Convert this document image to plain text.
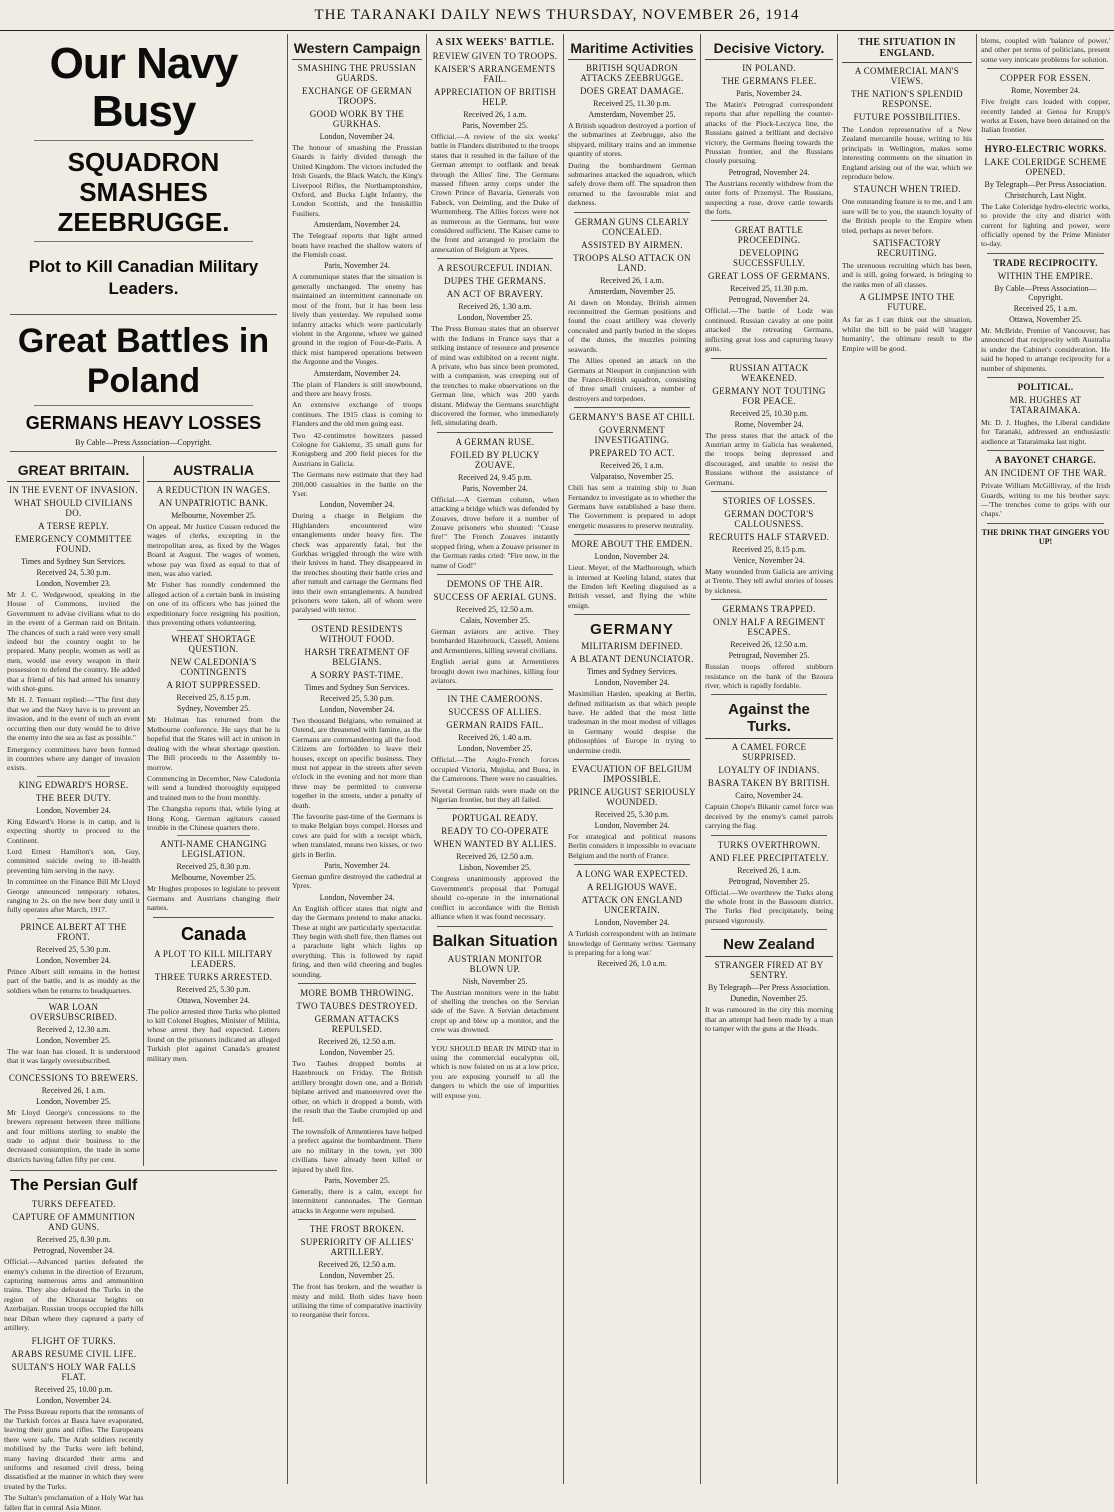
THE TARANAKI DAILY NEWS THURSDAY, NOVEMBER 26, 1914
Our Navy Busy
SQUADRON SMASHES ZEEBRUGGE.
Plot to Kill Canadian Military Leaders.
Great Battles in Poland
GERMANS HEAVY LOSSES
By Cable—Press Association—Copyright.
GREAT BRITAIN.
IN THE EVENT OF INVASION.
WHAT SHOULD CIVILIANS DO.
A TERSE REPLY.
EMERGENCY COMMITTEE FOUND.
Times and Sydney Sun Services.
Received 24, 5.30 p.m.
London, November 23.

Mr J. C. Wedgewood, speaking in the House of Commons, invited the Government to advise civilians what to do in the event of a German raid on Britain. The chances of such a raid were very small indeed but the country ought to be prepared. Many people, women as well as men, would use every weapon in their possession to defend the country. He added that a friend of his had armed his tenantry with shot-guns.

Mr H. J. Tennant replied:—"The first duty that we and the Navy have is to prevent an invasion, and in the event of such an event occurring then our duty would be to drive the enemy into the sea as fast as possible."

Emergency committees have been formed in countries where any danger of invasion exists.

KING EDWARD'S HORSE.
THE BEER DUTY.
London, November 24.

King Edward's Horse is in camp, and is expecting shortly to proceed to the Continent.

Lord Ernest Hamilton's son, Guy, committed suicide owing to ill-health preventing him serving in the navy.

In committee on the Finance Bill Mr Lloyd George announced temporary rebates, ranging to 2s. on the new beer duty until it fully operates after March, 1917.

PRINCE ALBERT AT THE FRONT.
Received 25, 5.30 p.m.
London, November 24.

Prince Albert still remains in the hottest part of the battle, and is as muddy as the soldiers when he returns to headquarters.

WAR LOAN OVERSUBSCRIBED.
Received 2, 12.30 a.m.
London, November 25.

The war loan has closed. It is understood that it was largely oversubscribed.

CONCESSIONS TO BREWERS.
Received 26, 1 a.m.
London, November 25.

Mr Lloyd George's concessions to the brewers represent between three millions and four millions sterling to enable the trade to adjust their business to the decreased consumption, the trade in some districts having fallen fifty per cent.

AUSTRALIA
A REDUCTION IN WAGES.
AN UNPATRIOTIC BANK.
Melbourne, November 25.

On appeal, Mr Justice Cussen reduced the wages of clerks, excepting in the metropolitan area, as fixed by the Wages Board at August. The wages of women, whose pay was fixed as equal to that of men, was also varied.

Mr Fisher has roundly condemned the alleged action of a certain bank in insisting on one of its officers who has joined the expeditionary force resigning his position, thus preventing others volunteering.

WHEAT SHORTAGE QUESTION.
NEW CALEDONIA'S CONTINGENTS
A RIOT SUPPRESSED.
Received 25, 8.15 p.m.
Sydney, November 25.

Mr Holman has returned from the Melbourne conference. He says that he is hopeful that the States will act in unison in dealing with the wheat shortage question. The Bill proceeds to the Assembly to-morrow.

Commencing in December, New Caledonia will send a hundred thoroughly equipped and trained men to the front monthly.

The Changsha reports that, while lying at Hong Kong, German agitators caused trouble in the Chinese quarters there.

ANTI-NAME CHANGING LEGISLATION.
Received 25, 8.30 p.m.
Melbourne, November 25.

Mr Hughes proposes to legislate to prevent Germans and Austrians changing their names.

Canada
A PLOT TO KILL MILITARY LEADERS.
THREE TURKS ARRESTED.
Received 25, 5.30 p.m.
Ottawa, November 24.

The police arrested three Turks who plotted to kill Colonel Hughes, Minister of Militia, whose arrest they had expected. Letters found on the prisoners indicated an alleged Turkish plot against Canada's greatest military men.

The Persian Gulf
TURKS DEFEATED.
CAPTURE OF AMMUNITION AND GUNS.
Received 25, 8.30 p.m.
Petrograd, November 24.

Official.—Advanced parties defeated the enemy's column in the direction of Erzurum, capturing numerous arms and ammunition trains. They also defeated the Turks in the region of the Khorassar heights on Azerbaijan. Russian troops occupied the hills near Diban where they captured a party of artillery.

FLIGHT OF TURKS.
ARABS RESUME CIVIL LIFE.
SULTAN'S HOLY WAR FALLS FLAT.
Received 25, 10.00 p.m.
London, November 24.

The Press Bureau reports that the remnants of the Turkish forces at Basra have evaporated, leaving their guns and rifles. The Europeans there were safe. The Arab soldiers recently mobilised by the Turks were left behind, many having discarded their arms and uniforms and resumed civil dress, being dissatisfied at the manner in which they were treated by the Turks.

The Sultan's proclamation of a Holy War has fallen flat in central Asia Minor.

Western Campaign
SMASHING THE PRUSSIAN GUARDS.
EXCHANGE OF GERMAN TROOPS.
GOOD WORK BY THE GURKHAS.
London, November 24.

The honour of smashing the Prussian Guards is fairly divided through the United Kingdom. The victors included the Irish Guards, the Black Watch, the King's Liverpool Rifles, the Northamptonshire, Oxford, and Bucks Light Infantry, the London Scottish, and the Inniskillin Fusiliers.

Amsterdam, November 24.

The Telegraaf reports that light armed boats have reached the shallow waters of the Flemish coast.

Paris, November 24.

A communique states that the situation is generally unchanged. The enemy has maintained an intermittent cannonade on most of the front, but it has been less lively than yesterday. We repulsed some infantry attacks which were particularly violent in the Argonne, where we gained ground in the region of Four-de-Paris. A thick mist hampered operations between the Argonne and the Vosges.

Amsterdam, November 24.

The plain of Flanders is still snowbound, and there are heavy frosts.

An extensive exchange of troops continues. The 1915 class is coming to Flanders and the old men going east.

Two 42-centimetre howitzers passed Cologne for Gakiemz, 35 small guns for Konigsberg and 200 field pieces for the Austrians in Galicia.

The Germans now estimate that they had 200,000 casualties in the battle on the Yser.

London, November 24.

During a charge in Belgium the Highlanders encountered wire entanglements under heavy fire. The check was apparently fatal, but the Gurkhas wriggled through the wire with their knives in hand. They disappeared in the trenches shouting their battle cries and after tumult and carnage the Germans fled into their own entanglements. A hundred prisoners were taken, all of whom were paralysed with terror.

OSTEND RESIDENTS WITHOUT FOOD.
HARSH TREATMENT OF BELGIANS.
A SORRY PAST-TIME.
Times and Sydney Sun Services.
Received 25, 5.30 p.m.
London, November 24.

Two thousand Belgians, who remained at Ostend, are threatened with famine, as the Germans are commandeering all the food. Citizens are forbidden to leave their houses, except on specific business. They must not appear in the streets after seven o'clock in the evening and not more than three may be permitted to converse together in the streets, under a penalty of death.

The favourite past-time of the Germans is to make Belgian boys compel. Horses and cows are paid for with a receipt which, when translated, means two kisses, or two girls in Berlin.

Paris, November 24.

German gunfire destroyed the cathedral at Ypres.

London, November 24.

An English officer states that night and day the Germans pretend to make attacks. These at night are particularly spectacular. They begin with shell fire, then flames out a parachute light which lights up everything. This is followed by rapid firing, and then wild cheering and bugles sounding.

MORE BOMB THROWING.
TWO TAUBES DESTROYED.
GERMAN ATTACKS REPULSED.
Received 26, 12.50 a.m.
London, November 25.

Two Taubes dropped bombs at Hazebrouck on Friday. The British artillery brought down one, and a British biplane arrived and manoeuvred over the other, on which it dropped a bomb, with the result that the Taube crumpled up and fell.

The townsfolk of Armentieres have helped a prefect against the bombardment. There are no military in the town, yet 300 civilians have already been killed or injured by shell fire.

Paris, November 25.

Generally, there is a calm, except for intermittent cannonades. The German attacks in Argonne were repulsed.

THE FROST BROKEN.
SUPERIORITY OF ALLIES' ARTILLERY.
Received 26, 12.50 a.m.
London, November 25.

The frost has broken, and the weather is misty and mild. Both sides have been utilising the time of comparative inactivity to reorganise their forces.

A SIX WEEKS' BATTLE.
REVIEW GIVEN TO TROOPS.
KAISER'S ARRANGEMENTS FAIL.
APPRECIATION OF BRITISH HELP.
Received 26, 1 a.m.
Paris, November 25.

Official.—A review of the six weeks' battle in Flanders distributed to the troops states that it resulted in the failure of the German attempt to outflank and break through the Allies' line. The Germans massed fifteen army corps under the Crown Prince of Bavaria, Generals von Fabeck, von Deimling, and the Duke of Wurttemberg. The Allies forces were not as numerous as the Germans, but were considered sufficient. The Kaiser came to the front and arranged to proclaim the annexation of Belgium at Ypres.

A RESOURCEFUL INDIAN.
DUPES THE GERMANS.
AN ACT OF BRAVERY.
Received 26, 1.30 a.m.
London, November 25.

The Press Bureau states that an observer with the Indians in France says that a striking instance of resource and presence of mind was exhibited on a recent night. A private, who has since been promoted, with a companion, was creeping out of the trenches to make observations on the German line, which was 200 yards distant. Midway the Germans searchlight discovered the former, who immediately fell, simulating death.

A GERMAN RUSE.
FOILED BY PLUCKY ZOUAVE.
Received 24, 9.45 p.m.
Paris, November 24.

Official.—A German column, when attacking a bridge which was defended by Zouaves, drove before it a number of Zouave prisoners who shouted: "Cease fire!" The French Zouaves instantly stopped firing, when a Zouave prisoner in the German ranks cried: "Fire now, in the name of God!"

DEMONS OF THE AIR.
SUCCESS OF AERIAL GUNS.
Received 25, 12.50 a.m.
Calais, November 25.

German aviators are active. They bombarded Hazebrouck, Cassell, Amiens and Armentieres, killing several civilians.

English aerial guns at Armentieres brought down two machines, killing four aviators.

IN THE CAMEROONS.
SUCCESS OF ALLIES.
GERMAN RAIDS FAIL.
Received 26, 1.40 a.m.
London, November 25.

Official.—The Anglo-French forces occupied Victoria, Mujuka, and Buea, in the Cameroons. There were no casualties.

Several German raids were made on the Nigerian frontier, but they all failed.

PORTUGAL READY.
READY TO CO-OPERATE
WHEN WANTED BY ALLIES.
Received 26, 12.50 a.m.
Lisbon, November 25.

Congress unanimously approved the Government's proposal that Portugal should co-operate in the international conflict in accordance with the British alliance when it was found necessary.

Balkan Situation
AUSTRIAN MONITOR BLOWN UP.
Nish, November 25.

The Austrian monitors were in the habit of shelling the trenches on the Servian side of the Save. A Servian detachment crept up and blew up a monitor, and the crew was drowned.

YOU SHOULD BEAR IN MIND that in using the commercial eucalyptus oil, which is now foisted on us at a low price, you are exposing yourself to all the dangers to which the use of impurities will expose you.

Maritime Activities
BRITISH SQUADRON ATTACKS ZEEBRUGGE.
DOES GREAT DAMAGE.
Received 25, 11.30 p.m.
Amsterdam, November 25.

A British squadron destroyed a portion of the submarines at Zeebrugge, also the shipyard, military trains and an immense quantity of stores.

During the bombardment German submarines attacked the squadron, which safely drove them off. The squadron then returned to the favourable mist and darkness.

GERMAN GUNS CLEARLY CONCEALED.
ASSISTED BY AIRMEN.
TROOPS ALSO ATTACK ON LAND.
Received 26, 1 a.m.
Amsterdam, November 25.

At dawn on Monday, British airmen reconnoitred the German positions and found the coast artillery was cleverly concealed and partly buried in the slopes of the dunes, the muzzles pointing seawards.

The Allies opened an attack on the Germans at Nieuport in conjunction with the Franco-British squadron, consisting of three small cruisers, a number of destroyers and torpedoes.

GERMANY'S BASE AT CHILI.
GOVERNMENT INVESTIGATING.
PREPARED TO ACT.
Received 26, 1 a.m.
Valparaiso, November 25.

Chili has sent a training ship to Juan Fernandez to investigate as to whether the Germans have established a base there. The Government is prepared to adopt energetic measures to preserve neutrality.

MORE ABOUT THE EMDEN.
London, November 24.

Lieut. Meyer, of the Marlborough, which is interned at Keeling Island, states that the Emden left Keeling disguised as a British vessel, and flying the white ensign.

GERMANY
MILITARISM DEFINED.
A BLATANT DENUNCIATOR.
Times and Sydney Services.
London, November 24.

Maximilian Harden, speaking at Berlin, defined militarism as that which people have. He added that the most little tradesman in the most modest of villages in Germany would despise the philosophies of Europe in trying to undermine credit.

EVACUATION OF BELGIUM IMPOSSIBLE.
PRINCE AUGUST SERIOUSLY WOUNDED.
Received 25, 5.30 p.m.
London, November 24.

For strategical and political reasons Berlin considers it impossible to evacuate Belgium and the north of France.

A LONG WAR EXPECTED.
A RELIGIOUS WAVE.
ATTACK ON ENGLAND UNCERTAIN.
London, November 24.

A Turkish correspondent with an intimate knowledge of Germany writes: 'Germany is preparing for a long war.'

Received 26, 1.0 a.m.
Decisive Victory.
IN POLAND.
THE GERMANS FLEE.
Paris, November 24.

The Matin's Petrograd correspondent reports that after repelling the counter-attacks of the Plock-Leczyca line, the Russians gained a brilliant and decisive victory, the Germans fleeing towards the Prussian frontier, and the Russians closely pursuing.

Petrograd, November 24.

The Austrians recently withdrew from the outer forts of Przemysl. The Russians, suspecting a ruse, drove cattle towards the forts.

GREAT BATTLE PROCEEDING.
DEVELOPING SUCCESSFULLY.
GREAT LOSS OF GERMANS.
Received 25, 11.30 p.m.
Petrograd, November 24.

Official.—The battle of Lodz was continued. Russian cavalry at one point attacked the retreating Germans, inflicting great loss and capturing heavy guns.

RUSSIAN ATTACK WEAKENED.
GERMANY NOT TOUTING FOR PEACE.
Received 25, 10.30 p.m.
Rome, November 24.

The press states that the attack of the Austrian army in Galicia has weakened, the troops being depressed and discouraged, and unable to resist the Russians without the assistance of Germans.

STORIES OF LOSSES.
GERMAN DOCTOR'S CALLOUSNESS.
RECRUITS HALF STARVED.
Received 25, 8.15 p.m.
Venice, November 24.

Many wounded from Galicia are arriving at Trente. They tell awful stories of losses by sickness.

GERMANS TRAPPED.
ONLY HALF A REGIMENT ESCAPES.
Received 26, 12.50 a.m.
Petrograd, November 25.

Russian troops offered stubborn resistance on the bank of the Bzoura river, which is rapidly fordable.

Against the Turks.
A CAMEL FORCE SURPRISED.
LOYALTY OF INDIANS.
BASRA TAKEN BY BRITISH.
Cairo, November 24.

Captain Chope's Bikanir camel force was deceived by the enemy's camel patrols carrying the flag.

TURKS OVERTHROWN.
AND FLEE PRECIPITATELY.
Received 26, 1 a.m.
Petrograd, November 25.

Official.—We overthrew the Turks along the whole front in the Bassoum district. The Turks fled precipitately, being pursued vigorously.

New Zealand
STRANGER FIRED AT BY SENTRY.
By Telegraph—Per Press Association.
Dunedin, November 25.

It was rumoured in the city this morning that an attempt had been made by a man to tamper with the guns at the Heads.

THE SITUATION IN ENGLAND.
A COMMERCIAL MAN'S VIEWS.
THE NATION'S SPLENDID RESPONSE.
FUTURE POSSIBILITIES.

The London representative of a New Zealand mercantile house, writing to his principals in Wellington, makes some interesting comments on the situation in England arising out of the war, which we reproduce below.

STAUNCH WHEN TRIED.

One outstanding feature is to me, and I am sure will be to you, the staunch loyalty of the British people to the Empire when tried, perhaps as never before.

SATISFACTORY RECRUITING.

The strenuous recruiting which has been, and is still, going forward, is bringing to the ranks men of all classes.

A GLIMPSE INTO THE FUTURE.

As far as I can think out the situation, whilst the bill to be paid will 'stagger humanity', the ultimate result to the Empire will be good.

blems, coupled with 'balance of power,' and other pet terms of politicians, present some very intricate problems for solution.

COPPER FOR ESSEN.
Rome, November 24.

Five freight cars loaded with copper, recently landed at Genoa for Krupp's works at Essen, have been detained on the Italian frontier.

HYRO-ELECTRIC WORKS.
LAKE COLERIDGE SCHEME OPENED.
By Telegraph—Per Press Association.
Christchurch, Last Night.

The Lake Coleridge hydro-electric works, to provide the city and district with current for lighting and power, were officially opened by the Prime Minister to-day.

TRADE RECIPROCITY.
WITHIN THE EMPIRE.
By Cable—Press Association—Copyright.
Received 25, 1 a.m.
Ottawa, November 25.

Mr. McBride, Premier of Vancouver, has announced that reciprocity with Australia is under the Cabinet's consideration. He said he hoped to arrange reciprocity for a number of shipments.

POLITICAL.
MR. HUGHES AT TATARAIMAKA.

Mr. D. J. Hughes, the Liberal candidate for Taranaki, addressed an enthusiastic audience at Tataraimaka last night.

A BAYONET CHARGE.
AN INCIDENT OF THE WAR.

Private William McGillivray, of the Irish Guards, writing to me his brother says:—'The trenches come to grips with our chaps.'

THE DRINK THAT GINGERS YOU UP!
